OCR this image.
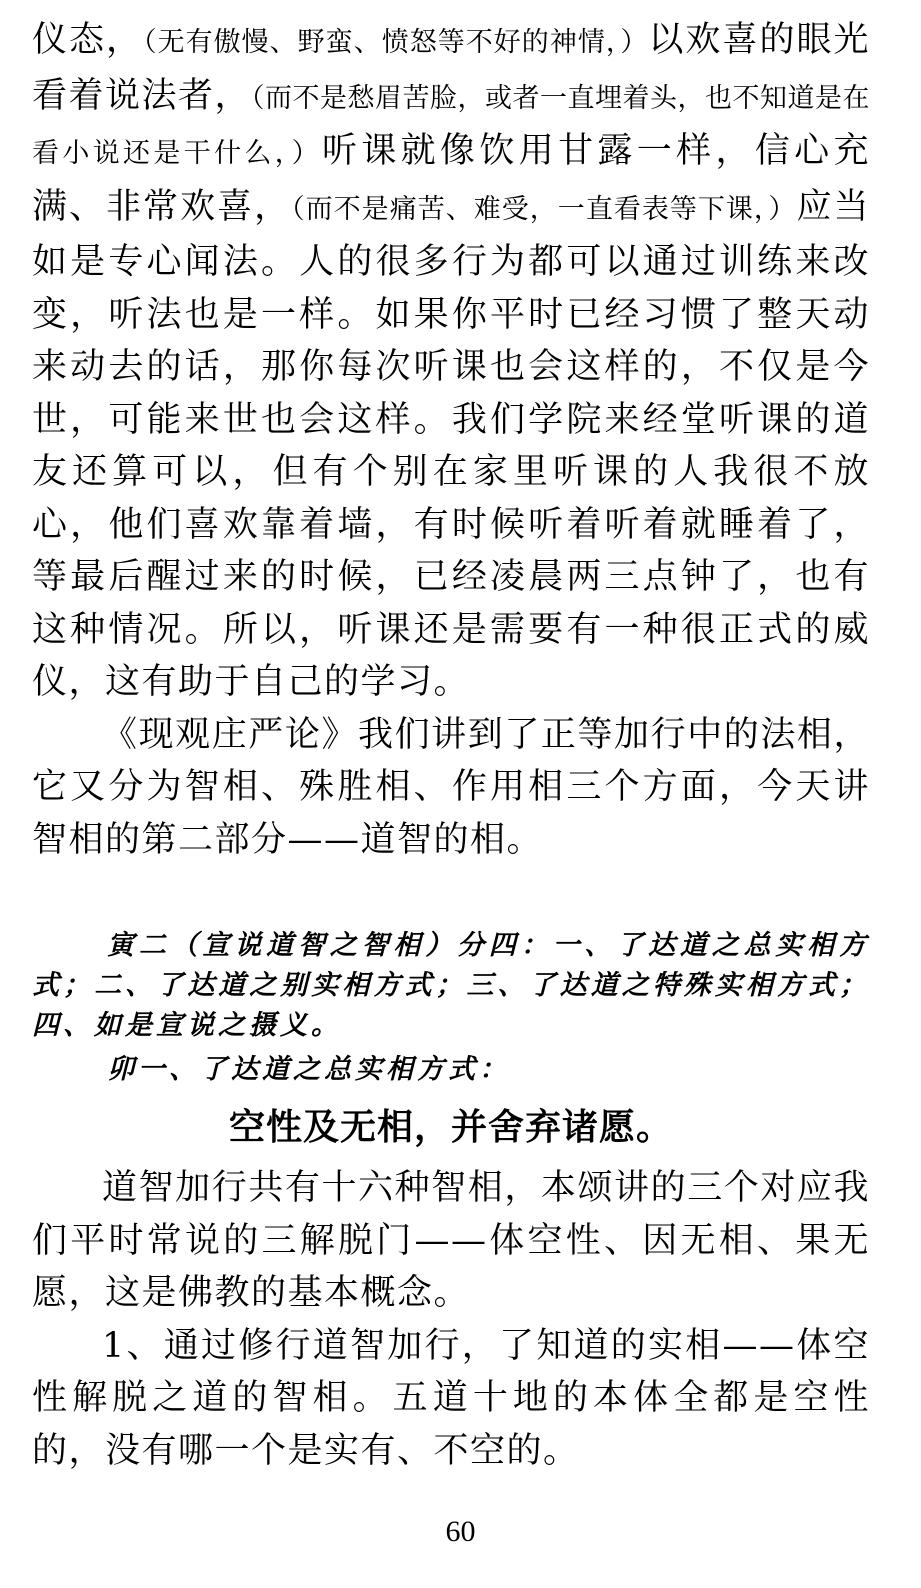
仪态，（无有傲慢、野蛮、愤怒等不好的神情，）以欢喜的眼光看着说法者，（而不是愁眉苦脸，或者一直埋着头，也不知道是在看小说还是干什么，）听课就像饮用甘露一样，信心充满、非常欢喜，（而不是痛苦、难受，一直看表等下课，）应当如是专心闻法。人的很多行为都可以通过训练来改变，听法也是一样。如果你平时已经习惯了整天动来动去的话，那你每次听课也会这样的，不仅是今世，可能来世也会这样。我们学院来经堂听课的道友还算可以，但有个别在家里听课的人我很不放心，他们喜欢靠着墙，有时候听着听着就睡着了，等最后醒过来的时候，已经凌晨两三点钟了，也有这种情况。所以，听课还是需要有一种很正式的威仪，这有助于自己的学习。

《现观庄严论》我们讲到了正等加行中的法相，它又分为智相、殊胜相、作用相三个方面，今天讲智相的第二部分——道智的相。

寅二（宣说道智之智相）分四：一、了达道之总实相方式；二、了达道之别实相方式；三、了达道之特殊实相方式；四、如是宣说之摄义。

卯一、了达道之总实相方式：

空性及无相，并舍弃诸愿。

道智加行共有十六种智相，本颂讲的三个对应我们平时常说的三解脱门——体空性、因无相、果无愿，这是佛教的基本概念。

1、通过修行道智加行，了知道的实相——体空性解脱之道的智相。五道十地的本体全都是空性的，没有哪一个是实有、不空的。

60
